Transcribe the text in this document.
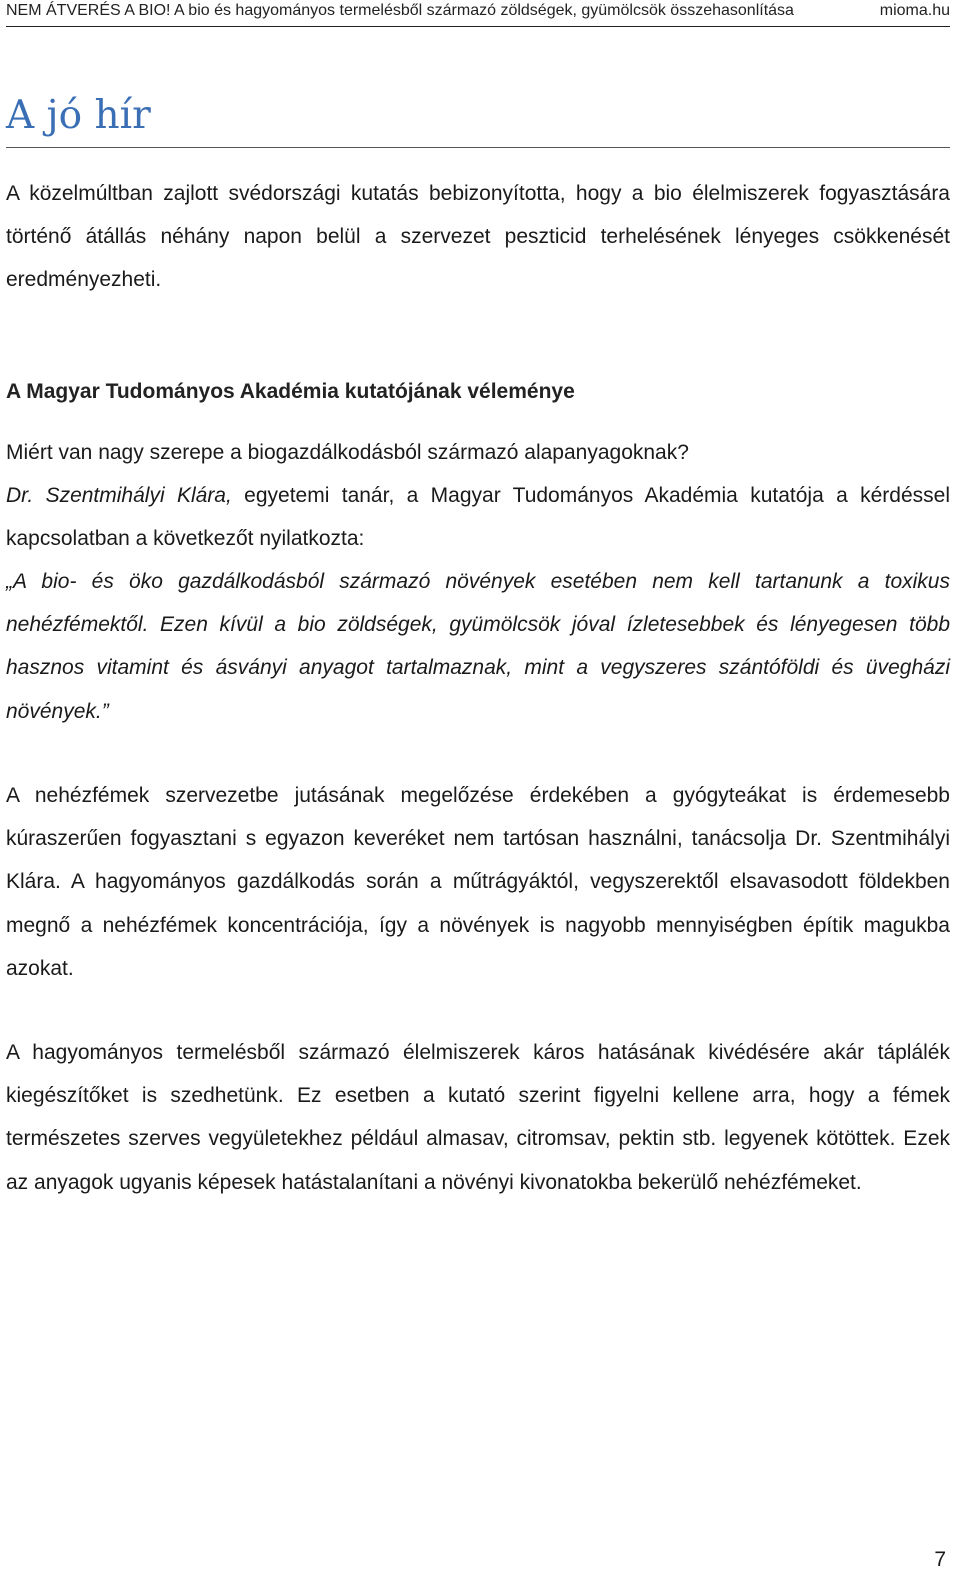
NEM ÁTVERÉS A BIO! A bio és hagyományos termelésből származó zöldségek, gyümölcsök összehasonlítása	mioma.hu
A jó hír

A közelmúltban zajlott svédországi kutatás bebizonyította, hogy a bio élelmiszerek fogyasztására történő átállás néhány napon belül a szervezet peszticid terhelésének lényeges csökkenését eredményezheti.

A Magyar Tudományos Akadémia kutatójának véleménye

Miért van nagy szerepe a biogazdálkodásból származó alapanyagoknak?

Dr. Szentmihályi Klára, egyetemi tanár, a Magyar Tudományos Akadémia kutatója a kérdéssel kapcsolatban a következőt nyilatkozta:

„A bio- és öko gazdálkodásból származó növények esetében nem kell tartanunk a toxikus nehézfémektől. Ezen kívül a bio zöldségek, gyümölcsök jóval ízletesebbek és lényegesen több hasznos vitamint és ásványi anyagot tartalmaznak, mint a vegyszeres szántóföldi és üvegházi növények.”

A nehézfémek szervezetbe jutásának megelőzése érdekében a gyógyteákat is érdemesebb kúraszerűen fogyasztani s egyazon keveréket nem tartósan használni, tanácsolja Dr. Szentmihályi Klára. A hagyományos gazdálkodás során a műtrágyáktól, vegyszerektől elsavasodott földekben megnő a nehézfémek koncentrációja, így a növények is nagyobb mennyiségben építik magukba azokat.

A hagyományos termelésből származó élelmiszerek káros hatásának kivédésére akár táplálék kiegészítőket is szedhetünk. Ez esetben a kutató szerint figyelni kellene arra, hogy a fémek természetes szerves vegyületekhez például almasav, citromsav, pektin stb. legyenek kötöttek. Ezek az anyagok ugyanis képesek hatástalanítani a növényi kivonatokba bekerülő nehézfémeket.

7
